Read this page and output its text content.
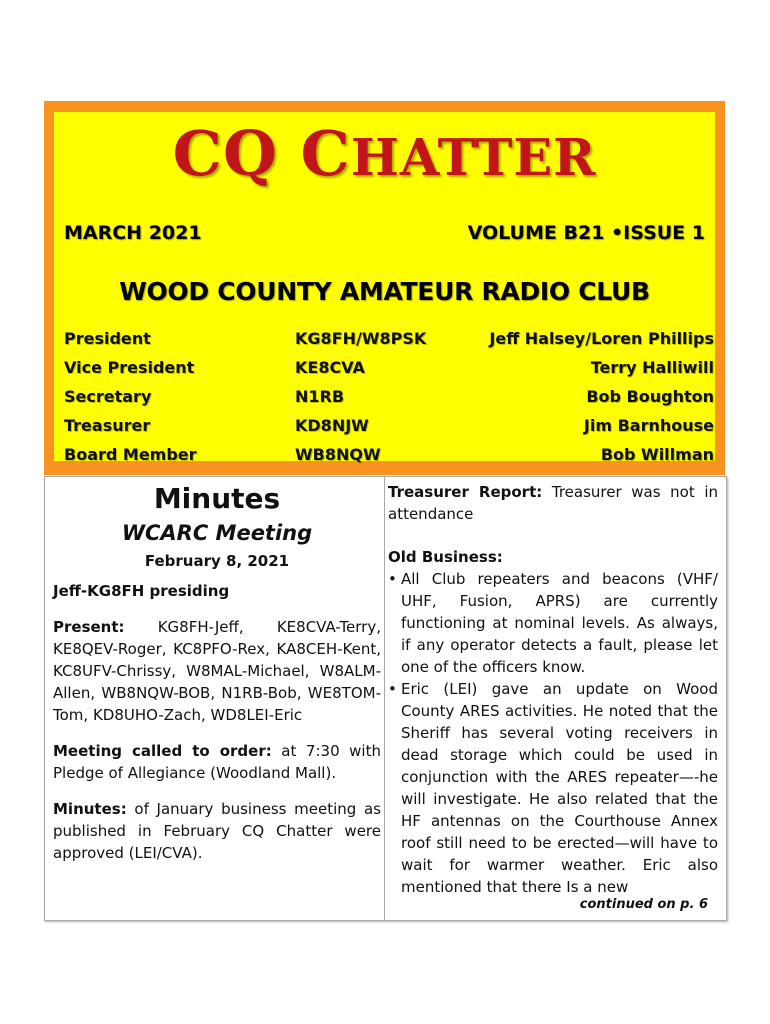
CQ CHATTER
MARCH 2021	VOLUME B21 •ISSUE 1
WOOD COUNTY AMATEUR RADIO CLUB
President	KG8FH/W8PSK	Jeff Halsey/Loren Phillips
Vice President	KE8CVA	Terry Halliwill
Secretary	N1RB	Bob Boughton
Treasurer	KD8NJW	Jim Barnhouse
Board Member	WB8NQW	Bob Willman
Minutes
WCARC Meeting
February 8, 2021

Jeff-KG8FH presiding

Present: KG8FH-Jeff, KE8CVA-Terry, KE8QEV-Roger, KC8PFO-Rex, KA8CEH-Kent, KC8UFV-Chrissy, W8MAL-Michael, W8ALM-Allen, WB8NQW-BOB, N1RB-Bob, WE8TOM-Tom, KD8UHO-Zach, WD8LEI-Eric

Meeting called to order: at 7:30 with Pledge of Allegiance (Woodland Mall).

Minutes: of January business meeting as published in February CQ Chatter were approved (LEI/CVA).

Treasurer Report: Treasurer was not in attendance

Old Business:

• All Club repeaters and beacons (VHF/ UHF, Fusion, APRS) are currently functioning at nominal levels. As always, if any operator detects a fault, please let one of the officers know.
• Eric (LEI) gave an update on Wood County ARES activities. He noted that the Sheriff has several voting receivers in dead storage which could be used in conjunction with the ARES repeater—-he will investigate. He also related that the HF antennas on the Courthouse Annex roof still need to be erected—will have to wait for warmer weather. Eric also mentioned that there Is a new
continued on p. 6
